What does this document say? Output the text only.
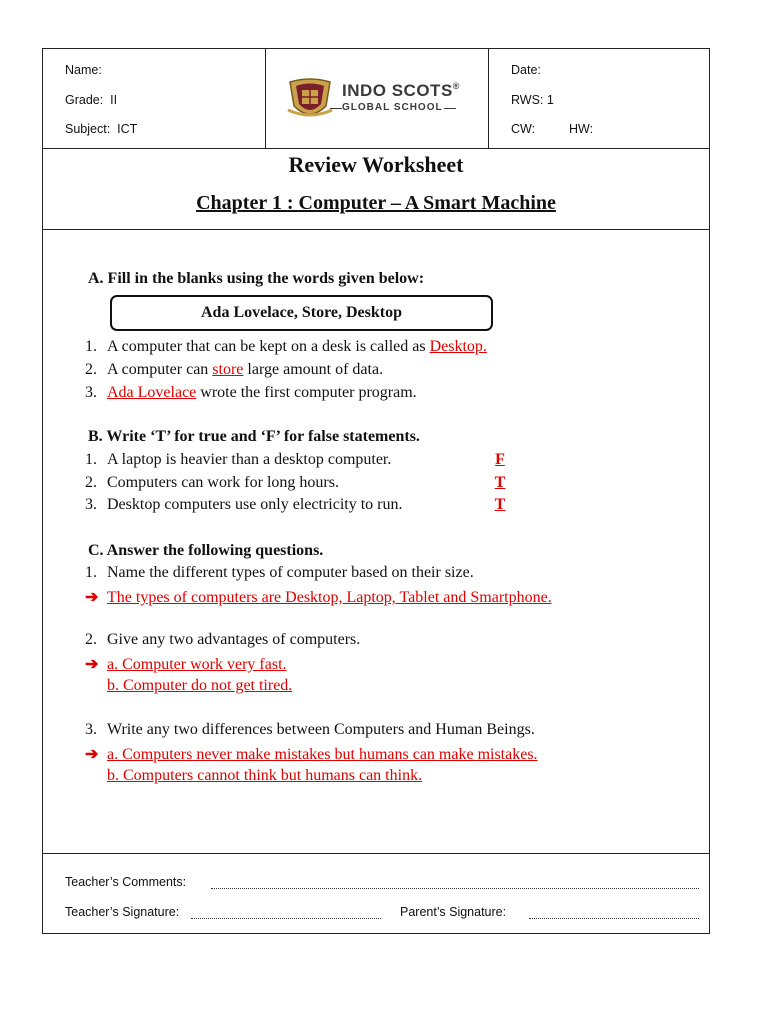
Name:
Grade: II
Subject: ICT
INDO SCOTS®
GLOBAL SCHOOL
Date:
RWS: 1
CW:	HW:
Review Worksheet
Chapter 1 : Computer – A Smart Machine
A. Fill in the blanks using the words given below:
Ada Lovelace, Store, Desktop
1. A computer that can be kept on a desk is called as Desktop.
2. A computer can store large amount of data.
3. Ada Lovelace wrote the first computer program.
B. Write ‘T’ for true and ‘F’ for false statements.
1. A laptop is heavier than a desktop computer.	F
2. Computers can work for long hours.	T
3. Desktop computers use only electricity to run.	T
C. Answer the following questions.
1. Name the different types of computer based on their size.
➔ The types of computers are Desktop, Laptop, Tablet and Smartphone.
2. Give any two advantages of computers.
➔ a. Computer work very fast.
b. Computer do not get tired.
3. Write any two differences between Computers and Human Beings.
➔ a. Computers never make mistakes but humans can make mistakes.
b. Computers cannot think but humans can think.
Teacher’s Comments:
Teacher’s Signature:	Parent’s Signature:
